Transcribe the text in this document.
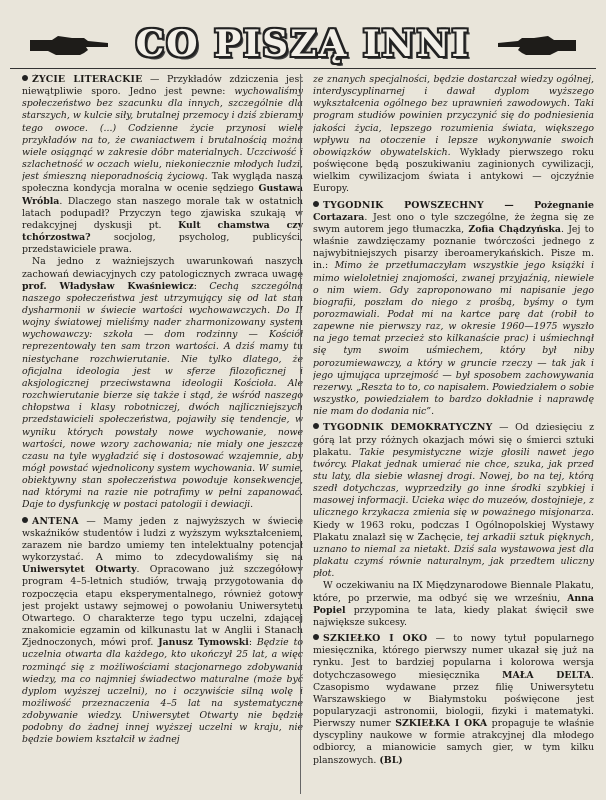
CO PISZĄ INNI

ŻYCIE LITERACKIE — Przykładów zdziczenia jest niewątpliwie sporo. Jedno jest pewne: wychowaliśmy społeczeństwo bez szacunku dla innych, szczególnie dla starszych, w kulcie siły, brutalnej przemocy i dziś zbieramy tego owoce. (...) Codzienne życie przynosi wiele przykładów na to, że cwaniactwem i brutalnością można wiele osiągnąć w zakresie dóbr materialnych. Uczciwość i szlachetność w oczach wielu, niekoniecznie młodych ludzi, jest śmieszną nieporadnością życiową. Tak wygląda nasza społeczna kondycja moralna w ocenie sędziego Gustawa Wróbla. Dlaczego stan naszego morale tak w ostatnich latach podupadł? Przyczyn tego zjawiska szukają w redakcyjnej dyskusji pt. Kult chamstwa czy tchórzostwa? socjolog, psycholog, publicyści, przedstawiciele prawa.

Na jedno z ważniejszych uwarunkowań naszych zachowań dewiacyjnych czy patologicznych zwraca uwagę prof. Władysław Kwaśniewicz: Cechą szczególną naszego społeczeństwa jest utrzymujący się od lat stan dysharmonii w świecie wartości wychowawczych. Do II wojny światowej mieliśmy nader zharmonizowany system wychowawczy: szkoła — dom rodzinny — Kościół reprezentowały ten sam trzon wartości. A dziś mamy tu niestychane rozchwierutanie. Nie tylko dlatego, że oficjalna ideologia jest w sferze filozoficznej i aksjologicznej przeciwstawna ideologii Kościoła. Ale rozchwierutanie bierze się także i stąd, że wśród naszego chłopstwa i klasy robotniczej, dwóch najliczniejszych przedstawicieli społeczeństwa, pojawiły się tendencje, w wyniku których powstały nowe wychowanie, nowe wartości, nowe wzory zachowania; nie miały one jeszcze czasu na tyle wygładzić się i dostosować wzajemnie, aby mógł powstać wjednolicony system wychowania. W sumie, obiektywny stan społeczeństwa powoduje konsekwencje, nad którymi na razie nie potrafimy w pełni zapanować. Daje to dysfunkcję w postaci patologii i dewiacji.

ANTENA — Mamy jeden z najwyższych w świecie wskaźników studentów i ludzi z wyższym wykształceniem, zarazem nie bardzo umiemy ten intelektualny potencjał wykorzystać. A mimo to zdecydowaliśmy się na Uniwersytet Otwarty. Opracowano już szczegółowy program 4–5-letnich studiów, trwają przygotowania do rozpoczęcia etapu eksperymentalnego, również gotowy jest projekt ustawy sejmowej o powołaniu Uniwersytetu Otwartego. O charakterze tego typu uczelni, zdającej znakomicie egzamin od kilkunastu lat w Anglii i Stanach Zjednoczonych, mówi prof. Janusz Tymowski: Będzie to uczelnia otwarta dla każdego, kto ukończył 25 lat, a więc rozminąć się z możliwościami stacjonarnego zdobywania wiedzy, ma co najmniej świadectwo maturalne (może być dyplom wyższej uczelni), no i oczywiście silną wolę i możliwość przeznaczenia 4–5 lat na systematyczne zdobywanie wiedzy. Uniwersytet Otwarty nie będzie podobny do żadnej innej wyższej uczelni w kraju, nie będzie bowiem kształcił w żadnej

ze znanych specjalności, będzie dostarczał wiedzy ogólnej, interdyscyplinarnej i dawał dyplom wyższego wykształcenia ogólnego bez uprawnień zawodowych. Taki program studiów powinien przyczynić się do podniesienia jakości życia, lepszego rozumienia świata, większego wpływu na otoczenie i lepsze wykonywanie swoich obowiązków obywatelskich. Wykłady pierwszego roku poświęcone będą poszukiwaniu zaginionych cywilizacji, wielkim cywilizacjom świata i antykowi — ojczyźnie Europy.

TYGODNIK POWSZECHNY — Pożegnanie Cortazara. Jest ono o tyle szczególne, że żegna się ze swym autorem jego tłumaczka, Zofia Chądzyńska. Jej to właśnie zawdzięczamy poznanie twórczości jednego z najwybitniejszych pisarzy iberoamerykańskich. Pisze m. in.: Mimo że przetłumaczyłam wszystkie jego książki i mimo wieloletniej znajomości, zwanej przyjaźnią, niewiele o nim wiem. Gdy zaproponowano mi napisanie jego biografii, poszłam do niego z prośbą, byśmy o tym porozmawiali. Podał mi na kartce parę dat (robił to zapewne nie pierwszy raz, w okresie 1960—1975 wyszło na jego temat przecież sto kilkanaście prac) i uśmiechnął się tym swoim uśmiechem, który był niby porozumiewawczy, a który w gruncie rzeczy — tak jak i jego ujmująca uprzejmość — był sposobem zachowywania rezerwy. „Reszta to to, co napisałem. Powiedziałem o sobie wszystko, powiedziałem to bardzo dokładnie i naprawdę nie mam do dodania nic”.

TYGODNIK DEMOKRATYCZNY — Od dziesięciu z górą lat przy różnych okazjach mówi się o śmierci sztuki plakatu. Takie pesymistyczne wizje głosili nawet jego twórcy. Plakat jednak umierać nie chce, szuka, jak przed stu laty, dla siebie własnej drogi. Nowej, bo na tej, którą szedł dotychczas, wyprzedziły go inne środki szybkiej i masowej informacji. Ucieka więc do muzeów, dostojnieje, z ulicznego krzykacza zmienia się w poważnego misjonarza. Kiedy w 1963 roku, podczas I Ogólnopolskiej Wystawy Plakatu znalazł się w Zachęcie, tej arkadii sztuk pięknych, uznano to niemal za nietakt. Dziś sala wystawowa jest dla plakatu czymś równie naturalnym, jak przedtem uliczny płot.

W oczekiwaniu na IX Międzynarodowe Biennale Plakatu, które, po przerwie, ma odbyć się we wrześniu, Anna Popiel przypomina te lata, kiedy plakat święcił swe największe sukcesy.

SZKIEŁKO I OKO — to nowy tytuł popularnego miesięcznika, którego pierwszy numer ukazał się już na rynku. Jest to bardziej popularna i kolorowa wersja dotychczasowego miesięcznika MAŁA DELTA. Czasopismo wydawane przez filię Uniwersytetu Warszawskiego w Białymstoku poświęcone jest popularyzacji astronomii, biologii, fizyki i matematyki. Pierwszy numer SZKIEŁKA I OKA propaguje te właśnie dyscypliny naukowe w formie atrakcyjnej dla młodego odbiorcy, a mianowicie samych gier, w tym kilku planszowych. (BL)
